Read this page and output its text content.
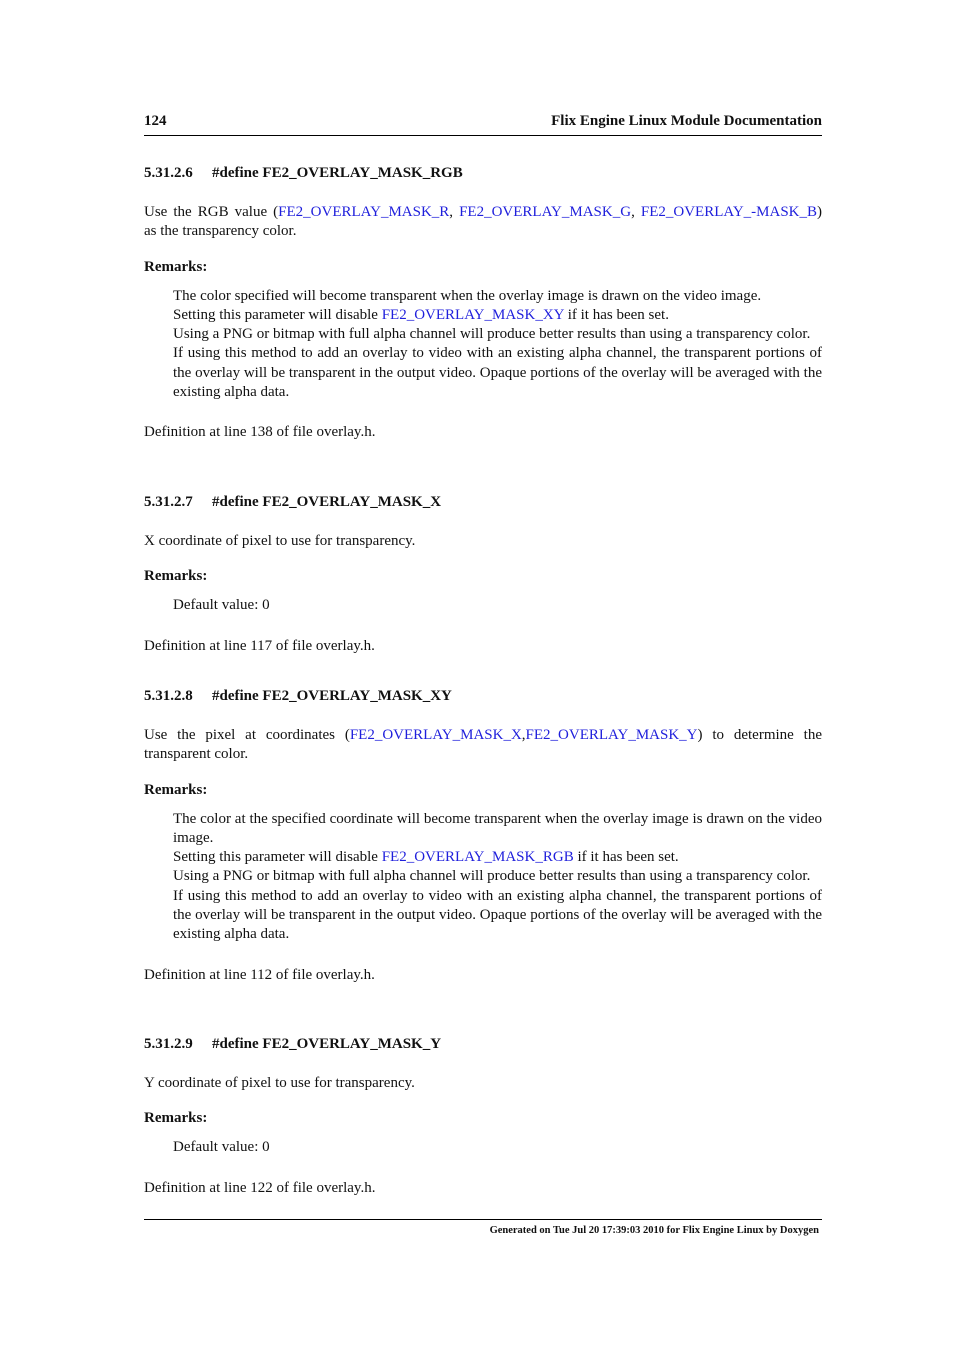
124	Flix Engine Linux Module Documentation
5.31.2.6 #define FE2_OVERLAY_MASK_RGB

Use the RGB value (FE2_OVERLAY_MASK_R, FE2_OVERLAY_MASK_G, FE2_OVERLAY_-MASK_B) as the transparency color.

Remarks:

The color specified will become transparent when the overlay image is drawn on the video image.

Setting this parameter will disable FE2_OVERLAY_MASK_XY if it has been set.

Using a PNG or bitmap with full alpha channel will produce better results than using a transparency color.

If using this method to add an overlay to video with an existing alpha channel, the transparent portions of the overlay will be transparent in the output video. Opaque portions of the overlay will be averaged with the existing alpha data.

Definition at line 138 of file overlay.h.

5.31.2.7 #define FE2_OVERLAY_MASK_X

X coordinate of pixel to use for transparency.

Remarks:

Default value: 0

Definition at line 117 of file overlay.h.

5.31.2.8 #define FE2_OVERLAY_MASK_XY

Use the pixel at coordinates (FE2_OVERLAY_MASK_X,FE2_OVERLAY_MASK_Y) to determine the transparent color.

Remarks:

The color at the specified coordinate will become transparent when the overlay image is drawn on the video image.

Setting this parameter will disable FE2_OVERLAY_MASK_RGB if it has been set.

Using a PNG or bitmap with full alpha channel will produce better results than using a transparency color.

If using this method to add an overlay to video with an existing alpha channel, the transparent portions of the overlay will be transparent in the output video. Opaque portions of the overlay will be averaged with the existing alpha data.

Definition at line 112 of file overlay.h.

5.31.2.9 #define FE2_OVERLAY_MASK_Y

Y coordinate of pixel to use for transparency.

Remarks:

Default value: 0

Definition at line 122 of file overlay.h.

Generated on Tue Jul 20 17:39:03 2010 for Flix Engine Linux by Doxygen
